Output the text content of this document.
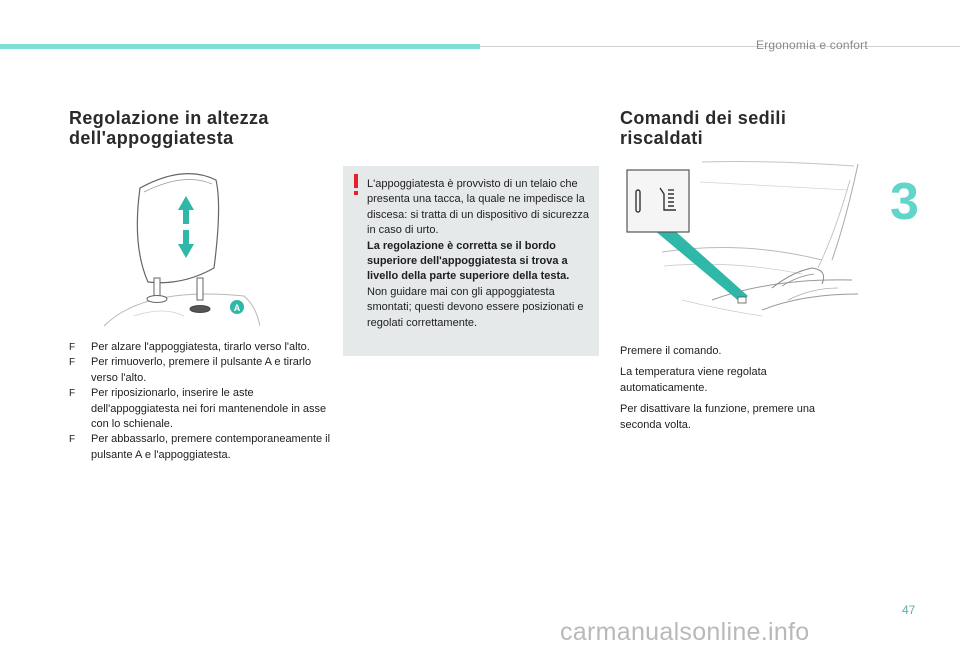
Ergonomia e confort
3
Regolazione in altezza dell'appoggiatesta
Comandi dei sedili riscaldati
A
F Per alzare l'appoggiatesta, tirarlo verso l'alto.
F Per rimuoverlo, premere il pulsante A e tirarlo verso l'alto.
F Per riposizionarlo, inserire le aste dell'appoggiatesta nei fori mantenendole in asse con lo schienale.
F Per abbassarlo, premere contemporaneamente il pulsante A e l'appoggiatesta.

L'appoggiatesta è provvisto di un telaio che presenta una tacca, la quale ne impedisce la discesa: si tratta di un dispositivo di sicurezza in caso di urto.

La regolazione è corretta se il bordo superiore dell'appoggiatesta si trova a livello della parte superiore della testa.

Non guidare mai con gli appoggiatesta smontati; questi devono essere posizionati e regolati correttamente.

Premere il comando.

La temperatura viene regolata automaticamente.

Per disattivare la funzione, premere una seconda volta.

47
carmanualsonline.info
